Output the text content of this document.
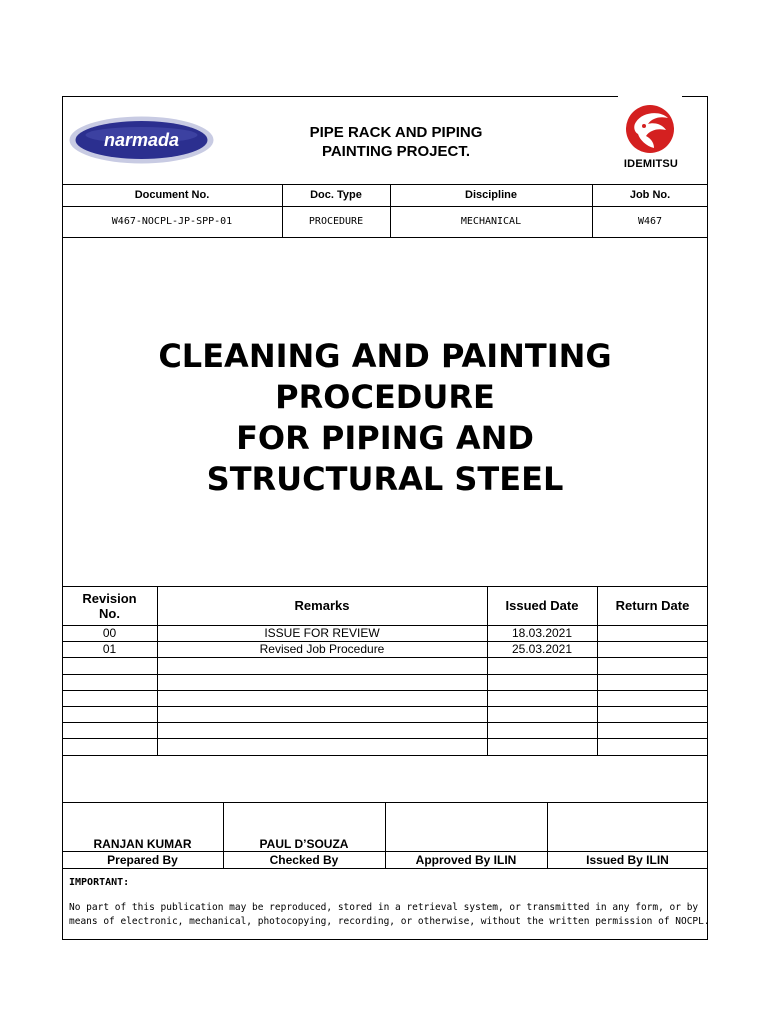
narmada	PIPE RACK AND PIPING
PAINTING PROJECT.
IDEMITSU
Document No.	Doc. Type	Discipline	Job No.
W467-NOCPL-JP-SPP-01	PROCEDURE	MECHANICAL	W467
CLEANING AND PAINTING
PROCEDURE
FOR PIPING AND
STRUCTURAL STEEL
Revision
No.	Remarks	Issued Date	Return Date
00	ISSUE FOR REVIEW	18.03.2021
01	Revised Job Procedure	25.03.2021
RANJAN KUMAR	PAUL D’SOUZA
Prepared By	Checked By	Approved By ILIN	Issued By ILIN
IMPORTANT:
No part of this publication may be reproduced, stored in a retrieval system, or transmitted in any form, or by
means of electronic, mechanical, photocopying, recording, or otherwise, without the written permission of NOCPL.
